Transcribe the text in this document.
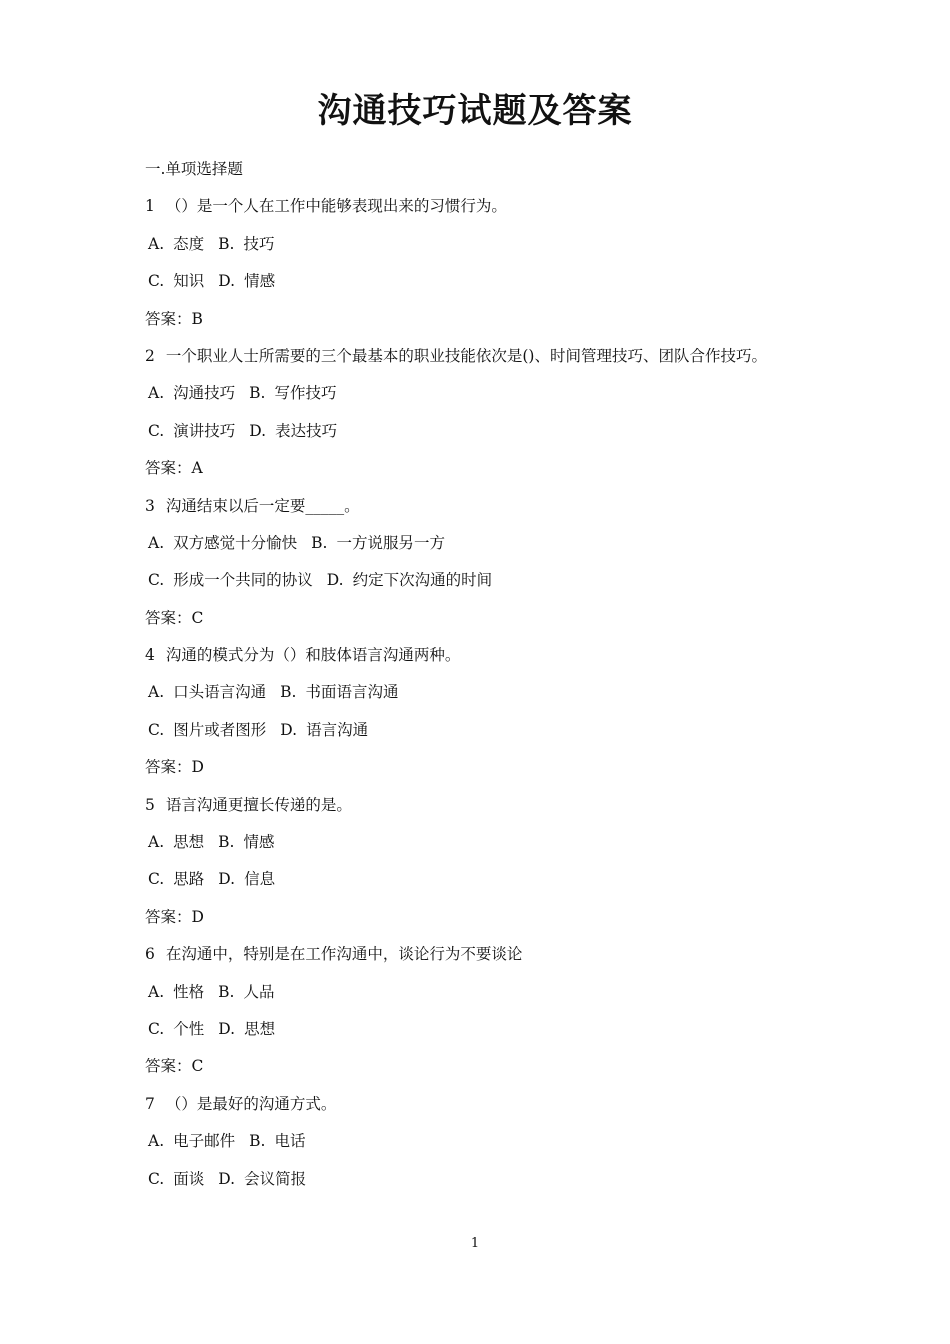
沟通技巧试题及答案
一.单项选择题
1 （）是一个人在工作中能够表现出来的习惯行为。
A. 态度 B. 技巧
C. 知识 D. 情感
答案：B
2 一个职业人士所需要的三个最基本的职业技能依次是()、时间管理技巧、团队合作技巧。
A. 沟通技巧 B. 写作技巧
C. 演讲技巧 D. 表达技巧
答案：A
3 沟通结束以后一定要_____。
A. 双方感觉十分愉快 B. 一方说服另一方
C. 形成一个共同的协议 D. 约定下次沟通的时间
答案：C
4 沟通的模式分为（）和肢体语言沟通两种。
A. 口头语言沟通 B. 书面语言沟通
C. 图片或者图形 D. 语言沟通
答案：D
5 语言沟通更擅长传递的是。
A. 思想 B. 情感
C. 思路 D. 信息
答案：D
6 在沟通中，特别是在工作沟通中，谈论行为不要谈论
A. 性格 B. 人品
C. 个性 D. 思想
答案：C
7 （）是最好的沟通方式。
A. 电子邮件 B. 电话
C. 面谈 D. 会议简报
1
